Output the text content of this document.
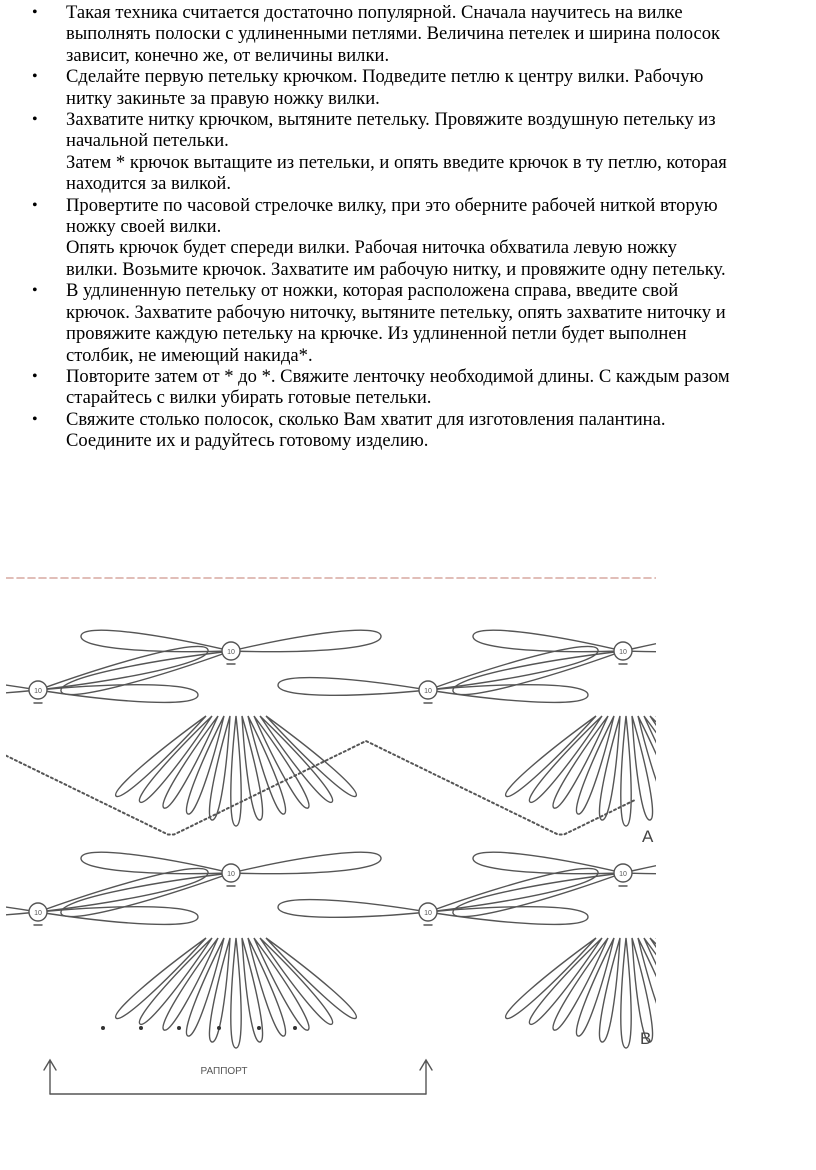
• Такая техника считается достаточно популярной. Сначала научитесь на вилке
выполнять полоски с удлиненными петлями. Величина петелек и ширина полосок
зависит, конечно же, от величины вилки.
• Сделайте первую петельку крючком. Подведите петлю к центру вилки. Рабочую
нитку закиньте за правую ножку вилки.
• Захватите нитку крючком, вытяните петельку. Провяжите воздушную петельку из
начальной петельки.
Затем * крючок вытащите из петельки, и опять введите крючок в ту петлю, которая
находится за вилкой.
• Провертите по часовой стрелочке вилку, при это оберните рабочей ниткой вторую
ножку своей вилки.
Опять крючок будет спереди вилки. Рабочая ниточка обхватила левую ножку
вилки. Возьмите крючок. Захватите им рабочую нитку, и провяжите одну петельку.
• В удлиненную петельку от ножки, которая расположена справа, введите свой
крючок. Захватите рабочую ниточку, вытяните петельку, опять захватите ниточку и
провяжите каждую петельку на крючке. Из удлиненной петли будет выполнен
столбик, не имеющий накида*.
• Повторите затем от * до *. Свяжите ленточку необходимой длины. С каждым разом
старайтесь с вилки убирать готовые петельки.
• Свяжите столько полосок, сколько Вам хватит для изготовления палантина.
Соедините их и радуйтесь готовому изделию.
10	10
10	10
10	10
10	10
A
B
РАППОРТ
